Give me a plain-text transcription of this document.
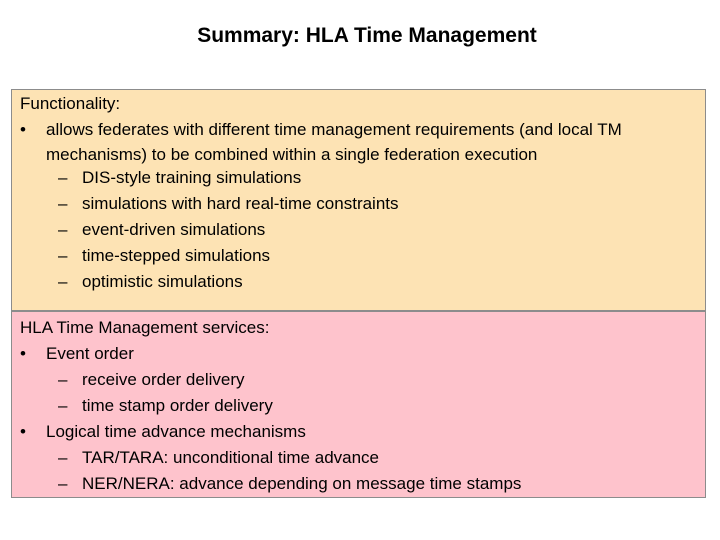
Summary: HLA Time Management
Functionality:
• allows federates with different time management requirements (and local TM
mechanisms) to be combined within a single federation execution
– DIS-style training simulations
– simulations with hard real-time constraints
– event-driven simulations
– time-stepped simulations
– optimistic simulations
HLA Time Management services:
• Event order
– receive order delivery
– time stamp order delivery
• Logical time advance mechanisms
– TAR/TARA: unconditional time advance
– NER/NERA: advance depending on message time stamps
